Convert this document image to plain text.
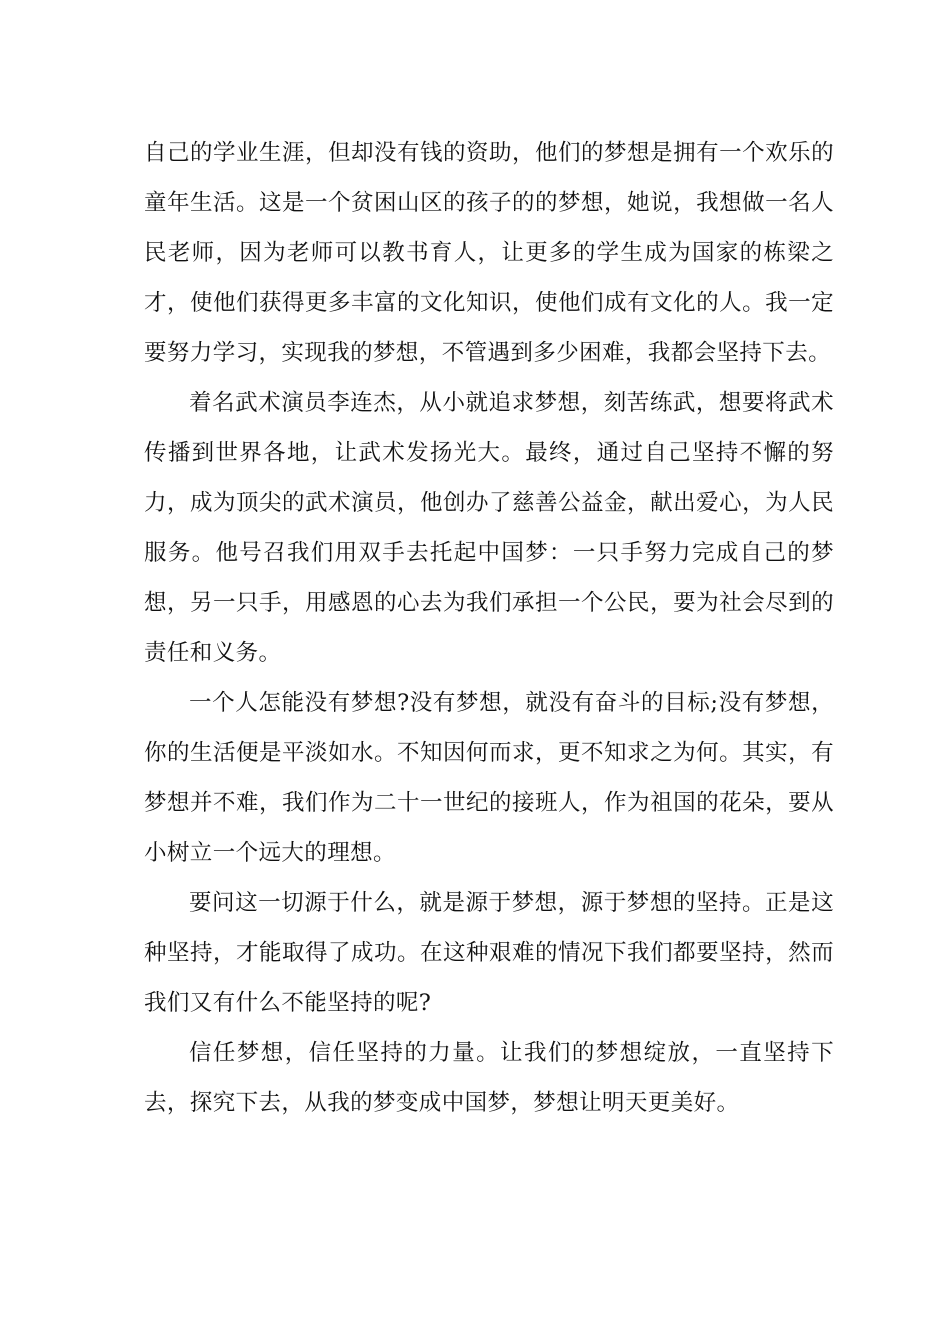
自己的学业生涯，但却没有钱的资助，他们的梦想是拥有一个欢乐的童年生活。这是一个贫困山区的孩子的的梦想，她说，我想做一名人民老师，因为老师可以教书育人，让更多的学生成为国家的栋梁之才，使他们获得更多丰富的文化知识，使他们成有文化的人。我一定要努力学习，实现我的梦想，不管遇到多少困难，我都会坚持下去。

着名武术演员李连杰，从小就追求梦想，刻苦练武，想要将武术传播到世界各地，让武术发扬光大。最终，通过自己坚持不懈的努力，成为顶尖的武术演员，他创办了慈善公益金，献出爱心，为人民服务。他号召我们用双手去托起中国梦：一只手努力完成自己的梦想，另一只手，用感恩的心去为我们承担一个公民，要为社会尽到的责任和义务。

一个人怎能没有梦想?没有梦想，就没有奋斗的目标;没有梦想，你的生活便是平淡如水。不知因何而求，更不知求之为何。其实，有梦想并不难，我们作为二十一世纪的接班人，作为祖国的花朵，要从小树立一个远大的理想。

要问这一切源于什么，就是源于梦想，源于梦想的坚持。正是这种坚持，才能取得了成功。在这种艰难的情况下我们都要坚持，然而我们又有什么不能坚持的呢?

信任梦想，信任坚持的力量。让我们的梦想绽放，一直坚持下去，探究下去，从我的梦变成中国梦，梦想让明天更美好。
